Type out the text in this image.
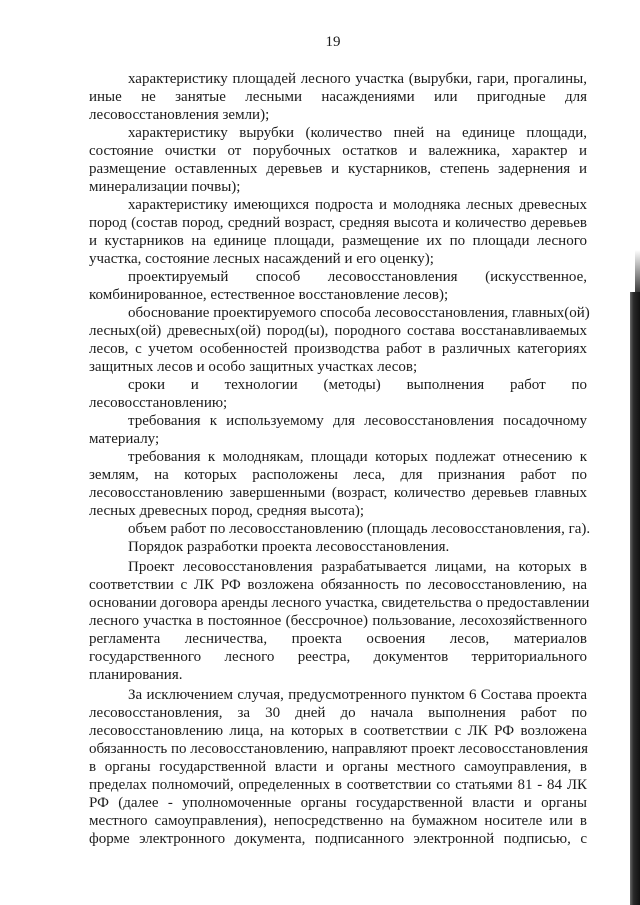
19
характеристику площадей лесного участка (вырубки, гари, прогалины,
иные не занятые лесными насаждениями или пригодные для
лесовосстановления земли);
характеристику вырубки (количество пней на единице площади,
состояние очистки от порубочных остатков и валежника, характер и
размещение оставленных деревьев и кустарников, степень задернения и
минерализации почвы);
характеристику имеющихся подроста и молодняка лесных древесных
пород (состав пород, средний возраст, средняя высота и количество деревьев
и кустарников на единице площади, размещение их по площади лесного
участка, состояние лесных насаждений и его оценку);
проектируемый способ лесовосстановления (искусственное,
комбинированное, естественное восстановление лесов);
обоснование проектируемого способа лесовосстановления, главных(ой)
лесных(ой) древесных(ой) пород(ы), породного состава восстанавливаемых
лесов, с учетом особенностей производства работ в различных категориях
защитных лесов и особо защитных участках лесов;
сроки и технологии (методы) выполнения работ по
лесовосстановлению;
требования к используемому для лесовосстановления посадочному
материалу;
требования к молоднякам, площади которых подлежат отнесению к
землям, на которых расположены леса, для признания работ по
лесовосстановлению завершенными (возраст, количество деревьев главных
лесных древесных пород, средняя высота);
объем работ по лесовосстановлению (площадь лесовосстановления, га).
Порядок разработки проекта лесовосстановления.
Проект лесовосстановления разрабатывается лицами, на которых в
соответствии с ЛК РФ возложена обязанность по лесовосстановлению, на
основании договора аренды лесного участка, свидетельства о предоставлении
лесного участка в постоянное (бессрочное) пользование, лесохозяйственного
регламента лесничества, проекта освоения лесов, материалов
государственного лесного реестра, документов территориального
планирования.
За исключением случая, предусмотренного пунктом 6 Состава проекта
лесовосстановления, за 30 дней до начала выполнения работ по
лесовосстановлению лица, на которых в соответствии с ЛК РФ возложена
обязанность по лесовосстановлению, направляют проект лесовосстановления
в органы государственной власти и органы местного самоуправления, в
пределах полномочий, определенных в соответствии со статьями 81 - 84 ЛК
РФ (далее - уполномоченные органы государственной власти и органы
местного самоуправления), непосредственно на бумажном носителе или в
форме электронного документа, подписанного электронной подписью, с
